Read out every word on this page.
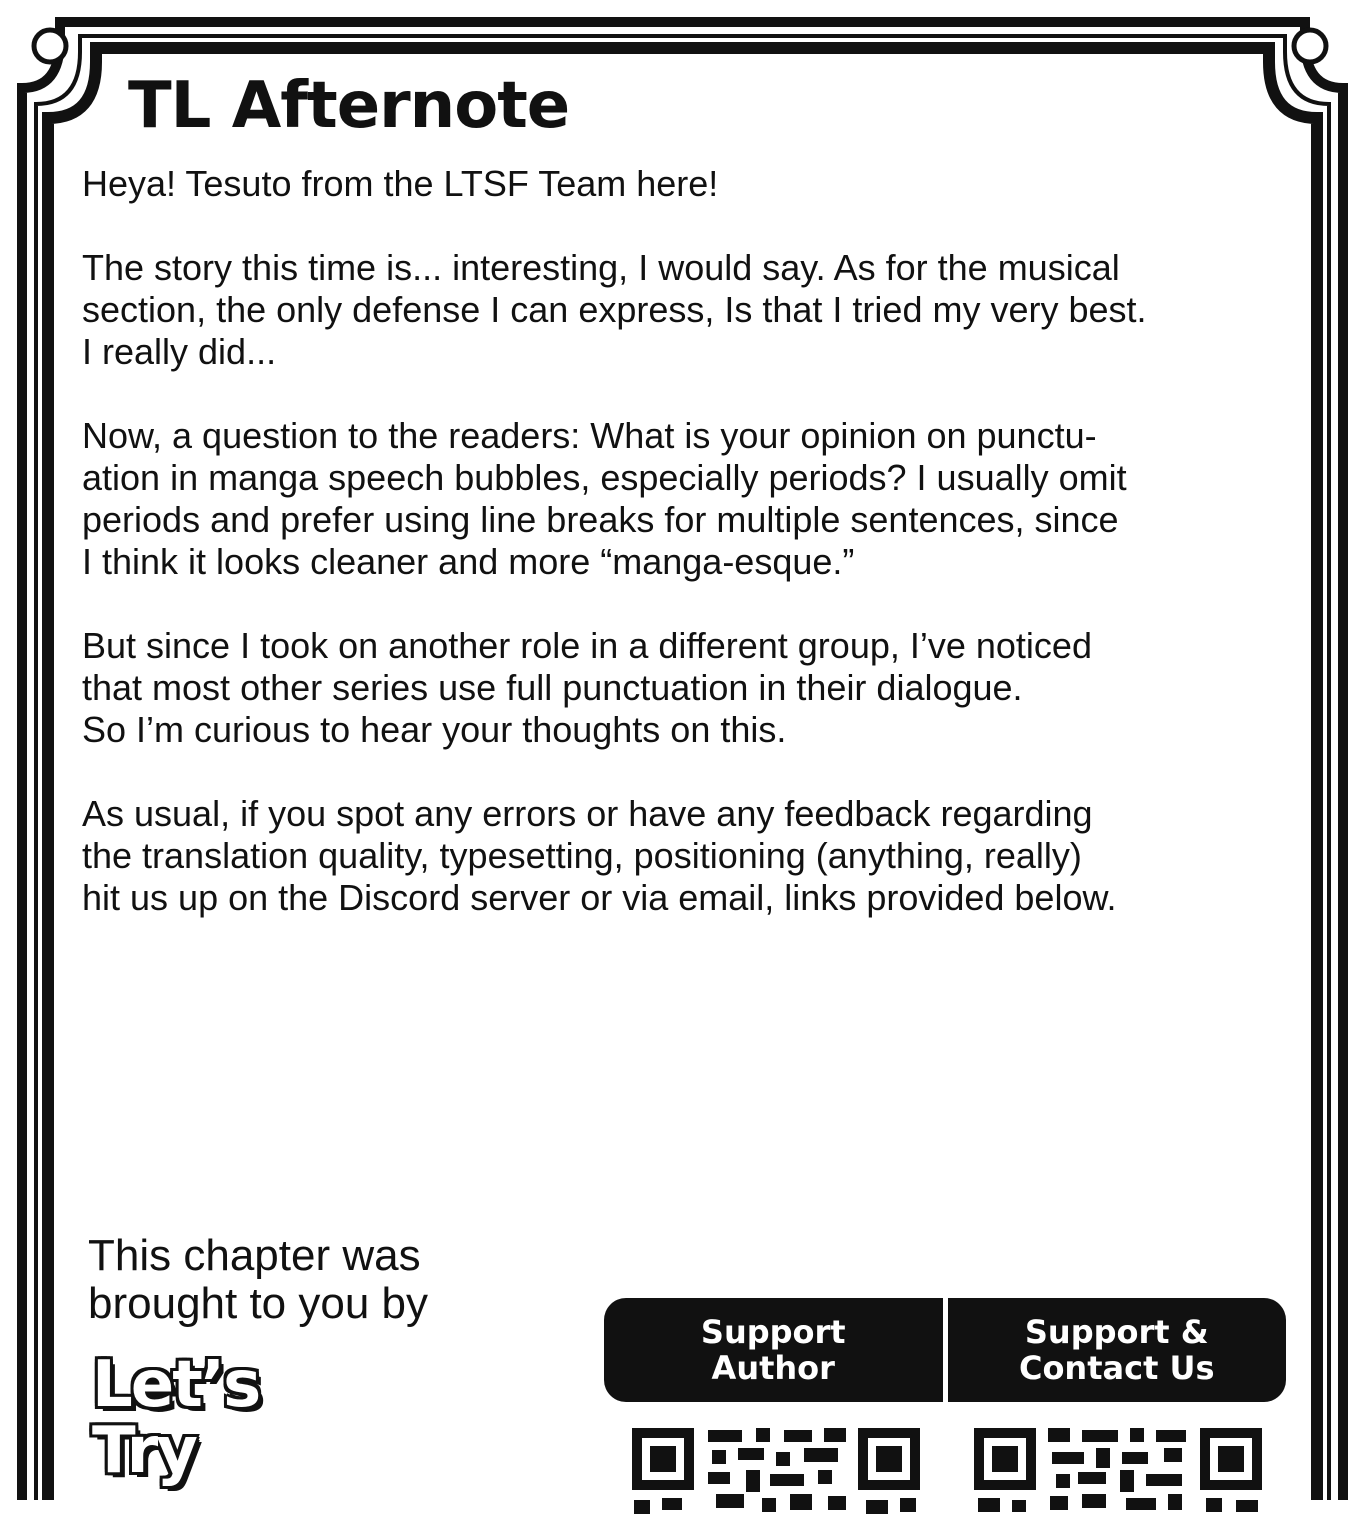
TL Afternote

Heya! Tesuto from the LTSF Team here!

The story this time is... interesting, I would say. As for the musical
section, the only defense I can express, Is that I tried my very best.
I really did...

Now, a question to the readers: What is your opinion on punctu-
ation in manga speech bubbles, especially periods? I usually omit
periods and prefer using line breaks for multiple sentences, since
I think it looks cleaner and more “manga-esque.”

But since I took on another role in a different group, I’ve noticed
that most other series use full punctuation in their dialogue.
So I’m curious to hear your thoughts on this.

As usual, if you spot any errors or have any feedback regarding
the translation quality, typesetting, positioning (anything, really)
hit us up on the Discord server or via email, links provided below.

This chapter was
brought to you by

Let’s
Try
Support
Author
Support &
Contact Us
